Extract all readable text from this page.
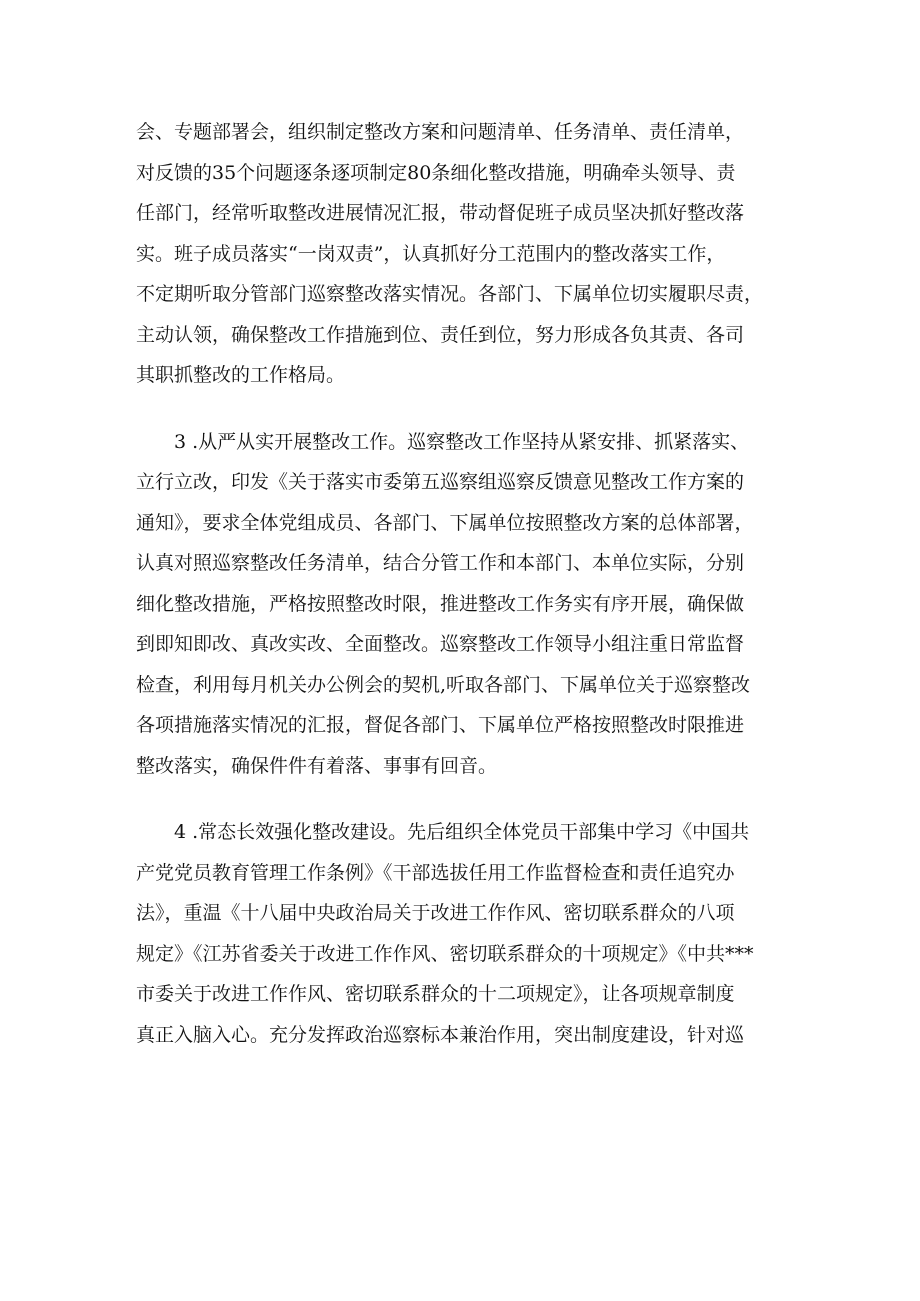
会、专题部署会，组织制定整改方案和问题清单、任务清单、责任清单，
对反馈的35个问题逐条逐项制定80条细化整改措施，明确牵头领导、责
任部门，经常听取整改进展情况汇报，带动督促班子成员坚决抓好整改落
实。班子成员落实“一岗双责”，认真抓好分工范围内的整改落实工作，
不定期听取分管部门巡察整改落实情况。各部门、下属单位切实履职尽责，
主动认领，确保整改工作措施到位、责任到位，努力形成各负其责、各司
其职抓整改的工作格局。

3 .从严从实开展整改工作。巡察整改工作坚持从紧安排、抓紧落实、
立行立改，印发《关于落实市委第五巡察组巡察反馈意见整改工作方案的
通知》，要求全体党组成员、各部门、下属单位按照整改方案的总体部署，
认真对照巡察整改任务清单，结合分管工作和本部门、本单位实际，分别
细化整改措施，严格按照整改时限，推进整改工作务实有序开展，确保做
到即知即改、真改实改、全面整改。巡察整改工作领导小组注重日常监督
检查，利用每月机关办公例会的契机,听取各部门、下属单位关于巡察整改
各项措施落实情况的汇报，督促各部门、下属单位严格按照整改时限推进
整改落实，确保件件有着落、事事有回音。

4 .常态长效强化整改建设。先后组织全体党员干部集中学习《中国共
产党党员教育管理工作条例》《干部选拔任用工作监督检查和责任追究办
法》，重温《十八届中央政治局关于改进工作作风、密切联系群众的八项
规定》《江苏省委关于改进工作作风、密切联系群众的十项规定》《中共***
市委关于改进工作作风、密切联系群众的十二项规定》，让各项规章制度
真正入脑入心。充分发挥政治巡察标本兼治作用，突出制度建设，针对巡
